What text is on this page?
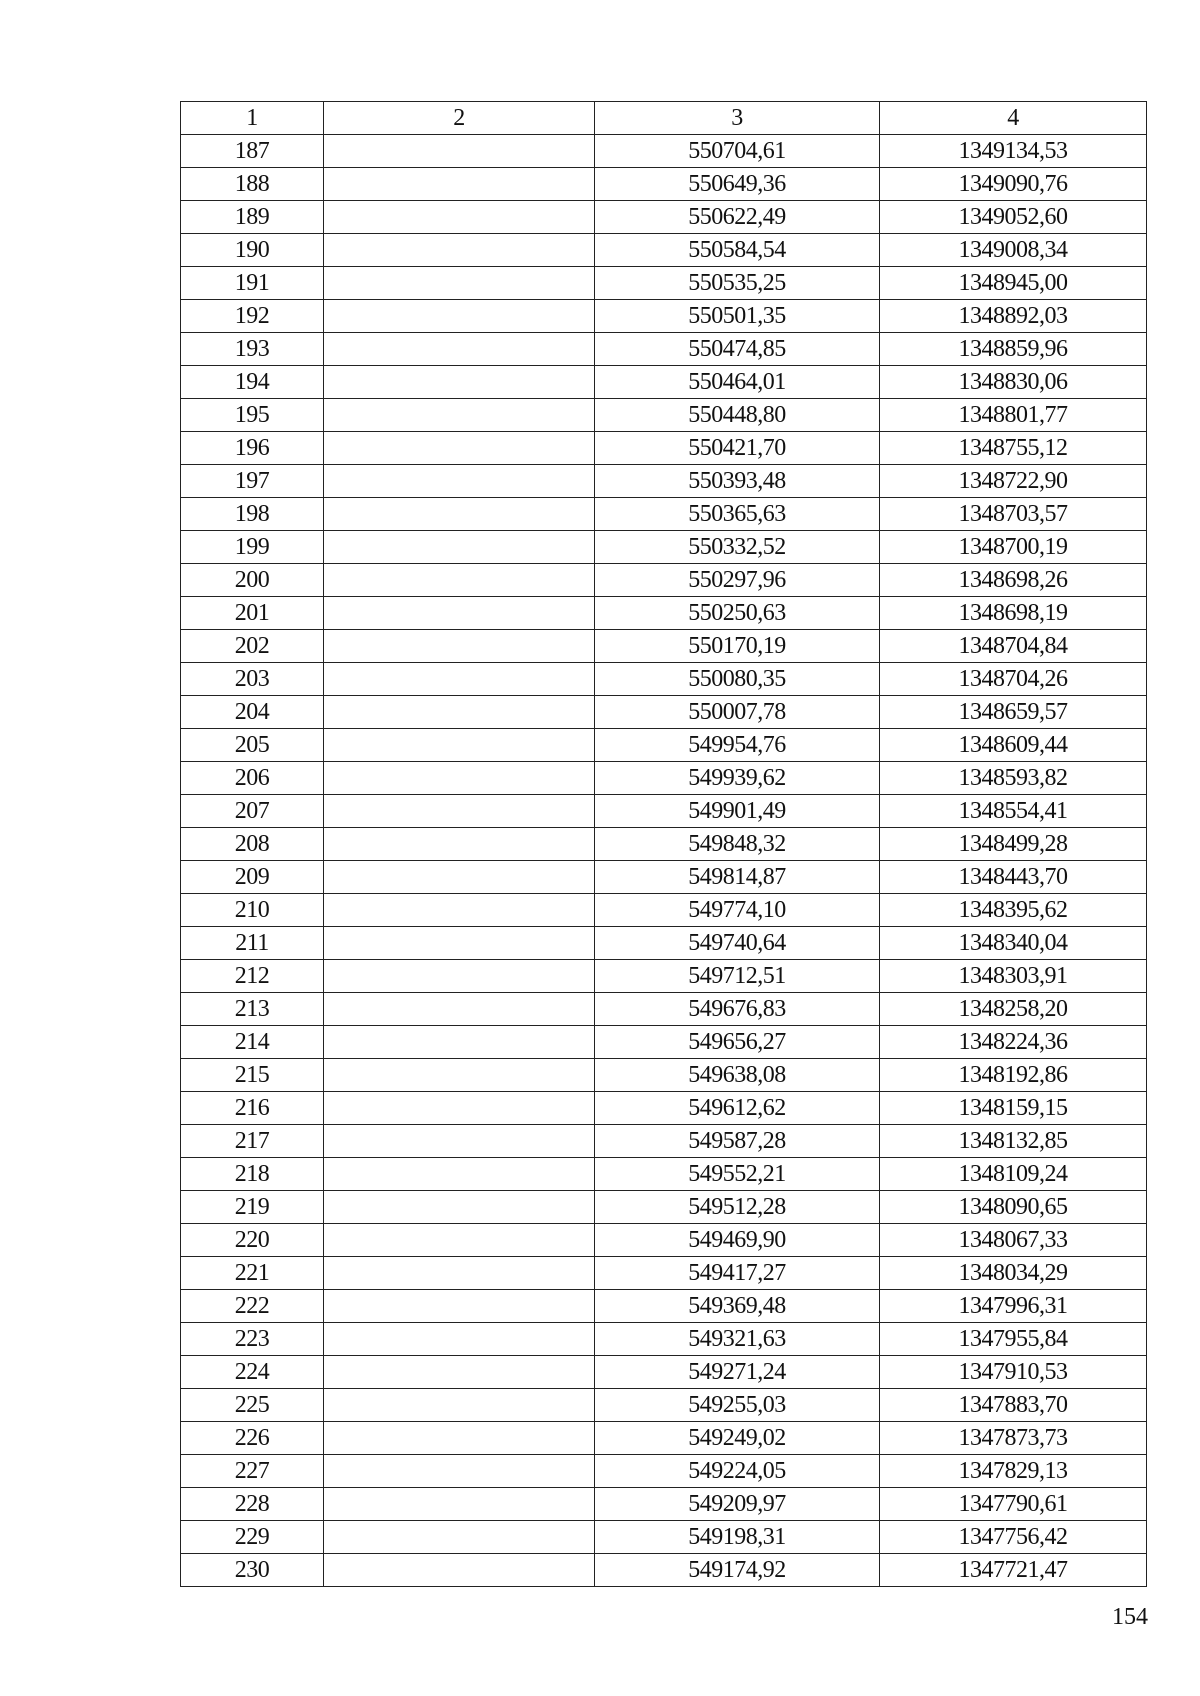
1	2	3	4
187		550704,61	1349134,53
188		550649,36	1349090,76
189		550622,49	1349052,60
190		550584,54	1349008,34
191		550535,25	1348945,00
192		550501,35	1348892,03
193		550474,85	1348859,96
194		550464,01	1348830,06
195		550448,80	1348801,77
196		550421,70	1348755,12
197		550393,48	1348722,90
198		550365,63	1348703,57
199		550332,52	1348700,19
200		550297,96	1348698,26
201		550250,63	1348698,19
202		550170,19	1348704,84
203		550080,35	1348704,26
204		550007,78	1348659,57
205		549954,76	1348609,44
206		549939,62	1348593,82
207		549901,49	1348554,41
208		549848,32	1348499,28
209		549814,87	1348443,70
210		549774,10	1348395,62
211		549740,64	1348340,04
212		549712,51	1348303,91
213		549676,83	1348258,20
214		549656,27	1348224,36
215		549638,08	1348192,86
216		549612,62	1348159,15
217		549587,28	1348132,85
218		549552,21	1348109,24
219		549512,28	1348090,65
220		549469,90	1348067,33
221		549417,27	1348034,29
222		549369,48	1347996,31
223		549321,63	1347955,84
224		549271,24	1347910,53
225		549255,03	1347883,70
226		549249,02	1347873,73
227		549224,05	1347829,13
228		549209,97	1347790,61
229		549198,31	1347756,42
230		549174,92	1347721,47
154
